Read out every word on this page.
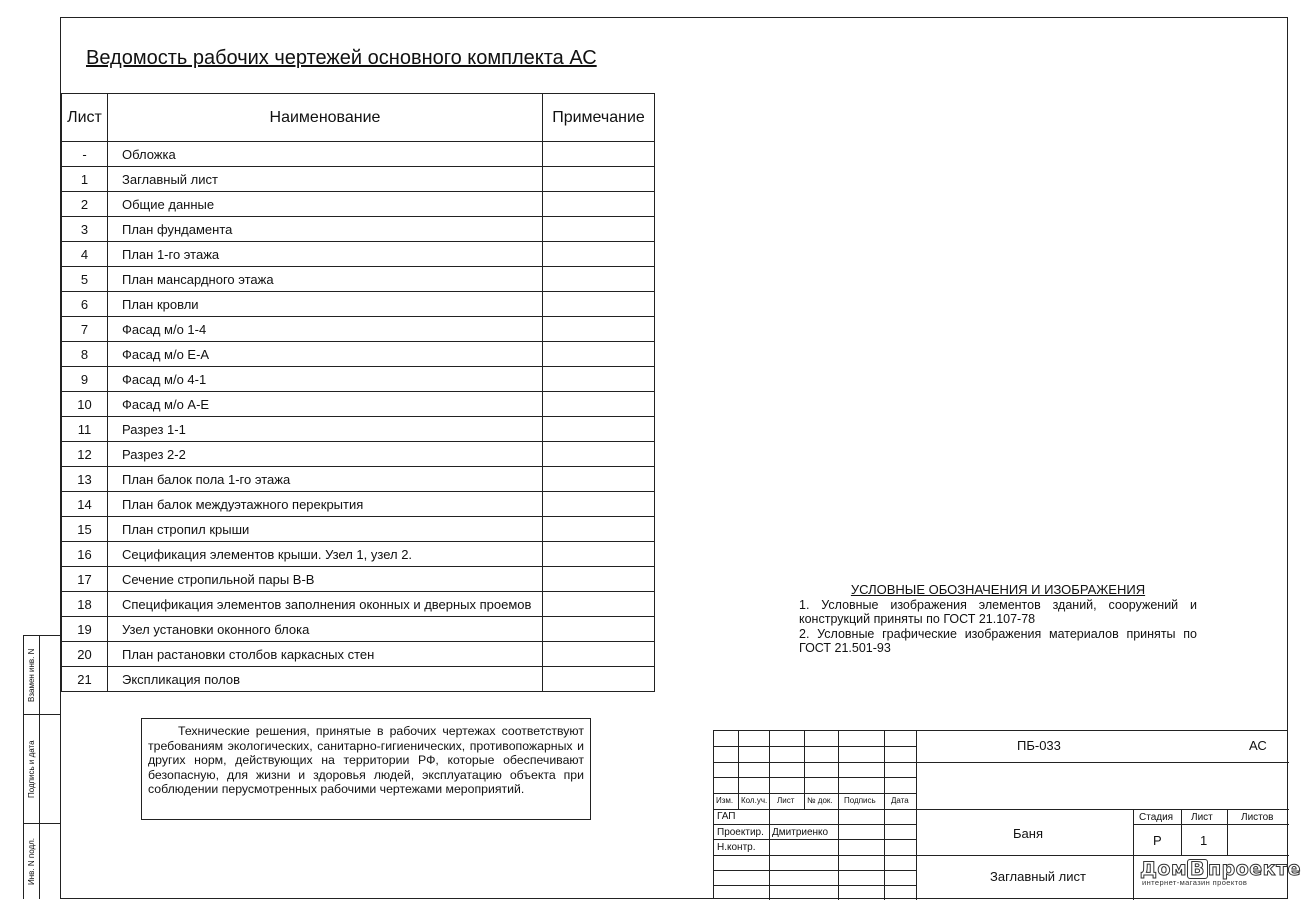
Ведомость рабочих чертежей основного комплекта АС
Лист	Наименование	Примечание
-	Обложка	
1	Заглавный лист	
2	Общие данные	
3	План фундамента	
4	План 1-го этажа	
5	План мансардного этажа	
6	План кровли	
7	Фасад м/о 1-4	
8	Фасад м/о Е-А	
9	Фасад м/о 4-1	
10	Фасад м/о А-Е	
11	Разрез 1-1	
12	Разрез 2-2	
13	План балок пола 1-го этажа	
14	План балок междуэтажного перекрытия	
15	План стропил крыши	
16	Сецификация элементов крыши. Узел 1, узел 2.	
17	Сечение стропильной пары В-В	
18	Спецификация элементов заполнения оконных и дверных проемов	
19	Узел установки оконного блока	
20	План растановки столбов каркасных стен	
21	Экспликация полов	
УСЛОВНЫЕ ОБОЗНАЧЕНИЯ И ИЗОБРАЖЕНИЯ

1. Условные изображения элементов зданий, сооружений и конструкций приняты по ГОСТ 21.107-78

2. Условные графические изображения материалов приняты по ГОСТ 21.501-93

Технические решения, принятые в рабочих чертежах соответствуют требованиям экологических, санитарно-гигиенических, противопожарных и других норм, действующих на территории РФ, которые обеспечивают безопасную, для жизни и здоровья людей, эксплуатацию объекта при соблюдении перусмотренных рабочими чертежами мероприятий.
Взамен инв. N
Подпись и дата
Инв. N подл.
Изм. Кол.уч. Лист № док. Подпись Дата
ГАП
Проектир. Дмитриенко
Н.контр.
ПБ-033	АС
Баня
Заглавный лист
Стадия Лист	Листов
Р	1
Дом В проекте
интернет-магазин проектов
